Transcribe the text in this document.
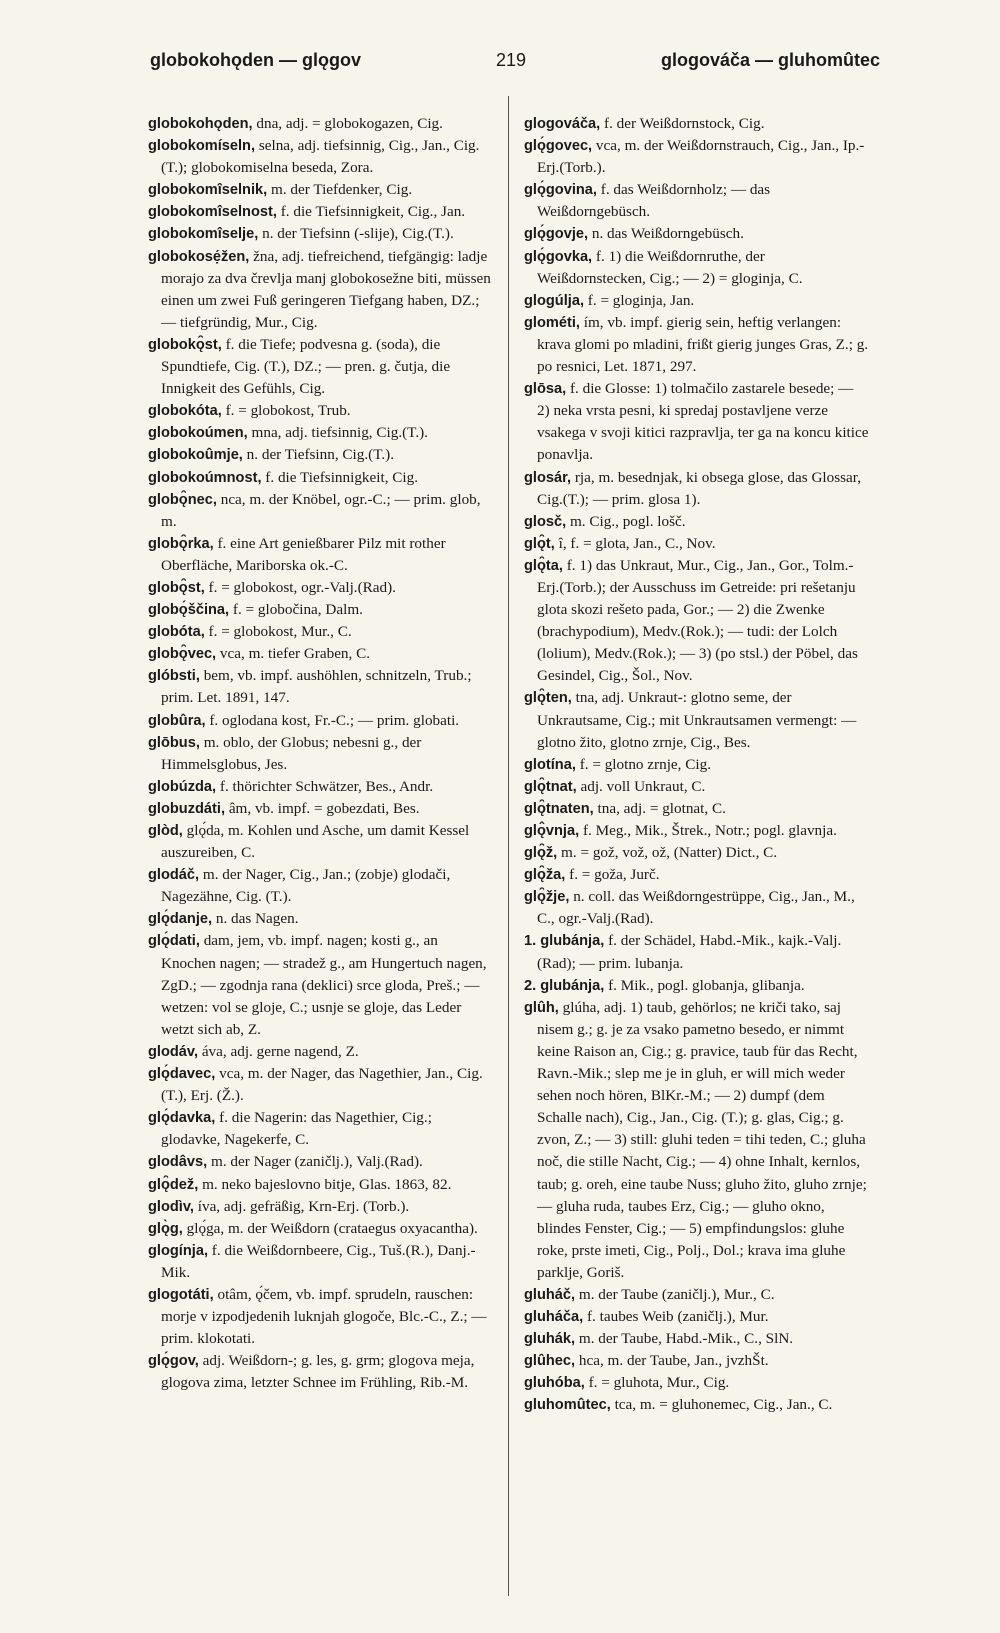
globokohǫden — glǫgov	219	glogováča — gluhomûtec

globokohǫden, dna, adj. = globokogazen, Cig.

globokomíseln, selna, adj. tiefsinnig, Cig., Jan., Cig.(T.); globokomiselna beseda, Zora.

globokomîselnik, m. der Tiefdenker, Cig.

globokomîselnost, f. die Tiefsinnigkeit, Cig., Jan.

globokomîselje, n. der Tiefsinn (-slije), Cig.(T.).

globokosẹ́žen, žna, adj. tiefreichend, tiefgängig: ladje morajo za dva črevlja manj globokosežne biti, müssen einen um zwei Fuß geringeren Tiefgang haben, DZ.; — tiefgründig, Mur., Cig.

globokǫ̑st, f. die Tiefe; podvesna g. (soda), die Spundtiefe, Cig. (T.), DZ.; — pren. g. čutja, die Innigkeit des Gefühls, Cig.

globokóta, f. = globokost, Trub.

globokoúmen, mna, adj. tiefsinnig, Cig.(T.).

globokoûmje, n. der Tiefsinn, Cig.(T.).

globokoúmnost, f. die Tiefsinnigkeit, Cig.

globǫ̑nec, nca, m. der Knöbel, ogr.-C.; — prim. glob, m.

globǫ̑rka, f. eine Art genießbarer Pilz mit rother Oberfläche, Mariborska ok.-C.

globǫ̑st, f. = globokost, ogr.-Valj.(Rad).

globǫ́ščina, f. = globočina, Dalm.

globóta, f. = globokost, Mur., C.

globǫ̑vec, vca, m. tiefer Graben, C.

glóbsti, bem, vb. impf. aushöhlen, schnitzeln, Trub.; prim. Let. 1891, 147.

globûra, f. oglodana kost, Fr.-C.; — prim. globati.

glōbus, m. oblo, der Globus; nebesni g., der Himmelsglobus, Jes.

globúzda, f. thörichter Schwätzer, Bes., Andr.

globuzdáti, âm, vb. impf. = gobezdati, Bes.

glòd, glǫ́da, m. Kohlen und Asche, um damit Kessel auszureiben, C.

glodáč, m. der Nager, Cig., Jan.; (zobje) glodači, Nagezähne, Cig. (T.).

glǫ́danje, n. das Nagen.

glǫ́dati, dam, jem, vb. impf. nagen; kosti g., an Knochen nagen; — stradež g., am Hungertuch nagen, ZgD.; — zgodnja rana (deklici) srce gloda, Preš.; — wetzen: vol se gloje, C.; usnje se gloje, das Leder wetzt sich ab, Z.

glodáv, áva, adj. gerne nagend, Z.

glǫ́davec, vca, m. der Nager, das Nagethier, Jan., Cig. (T.), Erj. (Ž.).

glǫ́davka, f. die Nagerin: das Nagethier, Cig.; glodavke, Nagekerfe, C.

glodâvs, m. der Nager (zaničlj.), Valj.(Rad).

glǫ̑dež, m. neko bajeslovno bitje, Glas. 1863, 82.

glodìv, íva, adj. gefräßig, Krn-Erj. (Torb.).

glǫ̀g, glǫ́ga, m. der Weißdorn (crataegus oxyacantha).

glogínja, f. die Weißdornbeere, Cig., Tuš.(R.), Danj.-Mik.

glogotáti, otâm, ǫ́čem, vb. impf. sprudeln, rauschen: morje v izpodjedenih luknjah glogoče, Blc.-C., Z.; — prim. klokotati.

glǫ́gov, adj. Weißdorn-; g. les, g. grm; glogova meja, glogova zima, letzter Schnee im Frühling, Rib.-M.

glogováča, f. der Weißdornstock, Cig.

glǫ́govec, vca, m. der Weißdornstrauch, Cig., Jan., Ip.-Erj.(Torb.).

glǫ́govina, f. das Weißdornholz; — das Weißdorngebüsch.

glǫ́govje, n. das Weißdorngebüsch.

glǫ́govka, f. 1) die Weißdornruthe, der Weißdornstecken, Cig.; — 2) = gloginja, C.

glogúlja, f. = gloginja, Jan.

glométi, ím, vb. impf. gierig sein, heftig verlangen: krava glomi po mladini, frißt gierig junges Gras, Z.; g. po resnici, Let. 1871, 297.

glōsa, f. die Glosse: 1) tolmačilo zastarele besede; — 2) neka vrsta pesni, ki spredaj postavljene verze vsakega v svoji kitici razpravlja, ter ga na koncu kitice ponavlja.

glosár, rja, m. besednjak, ki obsega glose, das Glossar, Cig.(T.); — prim. glosa 1).

glosč, m. Cig., pogl. lošč.

glǫ̑t, î, f. = glota, Jan., C., Nov.

glǫ̑ta, f. 1) das Unkraut, Mur., Cig., Jan., Gor., Tolm.-Erj.(Torb.); der Ausschuss im Getreide: pri rešetanju glota skozi rešeto pada, Gor.; — 2) die Zwenke (brachypodium), Medv.(Rok.); — tudi: der Lolch (lolium), Medv.(Rok.); — 3) (po stsl.) der Pöbel, das Gesindel, Cig., Šol., Nov.

glǫ̑ten, tna, adj. Unkraut-: glotno seme, der Unkrautsame, Cig.; mit Unkrautsamen vermengt: — glotno žito, glotno zrnje, Cig., Bes.

glotína, f. = glotno zrnje, Cig.

glǫ̑tnat, adj. voll Unkraut, C.

glǫ̑tnaten, tna, adj. = glotnat, C.

glǫ̂vnja, f. Meg., Mik., Štrek., Notr.; pogl. glavnja.

glǫ̑ž, m. = gož, vož, ož, (Natter) Dict., C.

glǫ̑ža, f. = goža, Jurč.

glǫ̑žje, n. coll. das Weißdorngestrüppe, Cig., Jan., M., C., ogr.-Valj.(Rad).

1. glubánja, f. der Schädel, Habd.-Mik., kajk.-Valj.(Rad); — prim. lubanja.

2. glubánja, f. Mik., pogl. globanja, glibanja.

glûh, glúha, adj. 1) taub, gehörlos; ne kriči tako, saj nisem g.; g. je za vsako pametno besedo, er nimmt keine Raison an, Cig.; g. pravice, taub für das Recht, Ravn.-Mik.; slep me je in gluh, er will mich weder sehen noch hören, BlKr.-M.; — 2) dumpf (dem Schalle nach), Cig., Jan., Cig. (T.); g. glas, Cig.; g. zvon, Z.; — 3) still: gluhi teden = tihi teden, C.; gluha noč, die stille Nacht, Cig.; — 4) ohne Inhalt, kernlos, taub; g. oreh, eine taube Nuss; gluho žito, gluho zrnje; — gluha ruda, taubes Erz, Cig.; — gluho okno, blindes Fenster, Cig.; — 5) empfindungslos: gluhe roke, prste imeti, Cig., Polj., Dol.; krava ima gluhe parklje, Goriš.

gluháč, m. der Taube (zaničlj.), Mur., C.

gluháča, f. taubes Weib (zaničlj.), Mur.

gluhák, m. der Taube, Habd.-Mik., C., SlN.

glûhec, hca, m. der Taube, Jan., jvzhŠt.

gluhóba, f. = gluhota, Mur., Cig.

gluhomûtec, tca, m. = gluhonemec, Cig., Jan., C.
